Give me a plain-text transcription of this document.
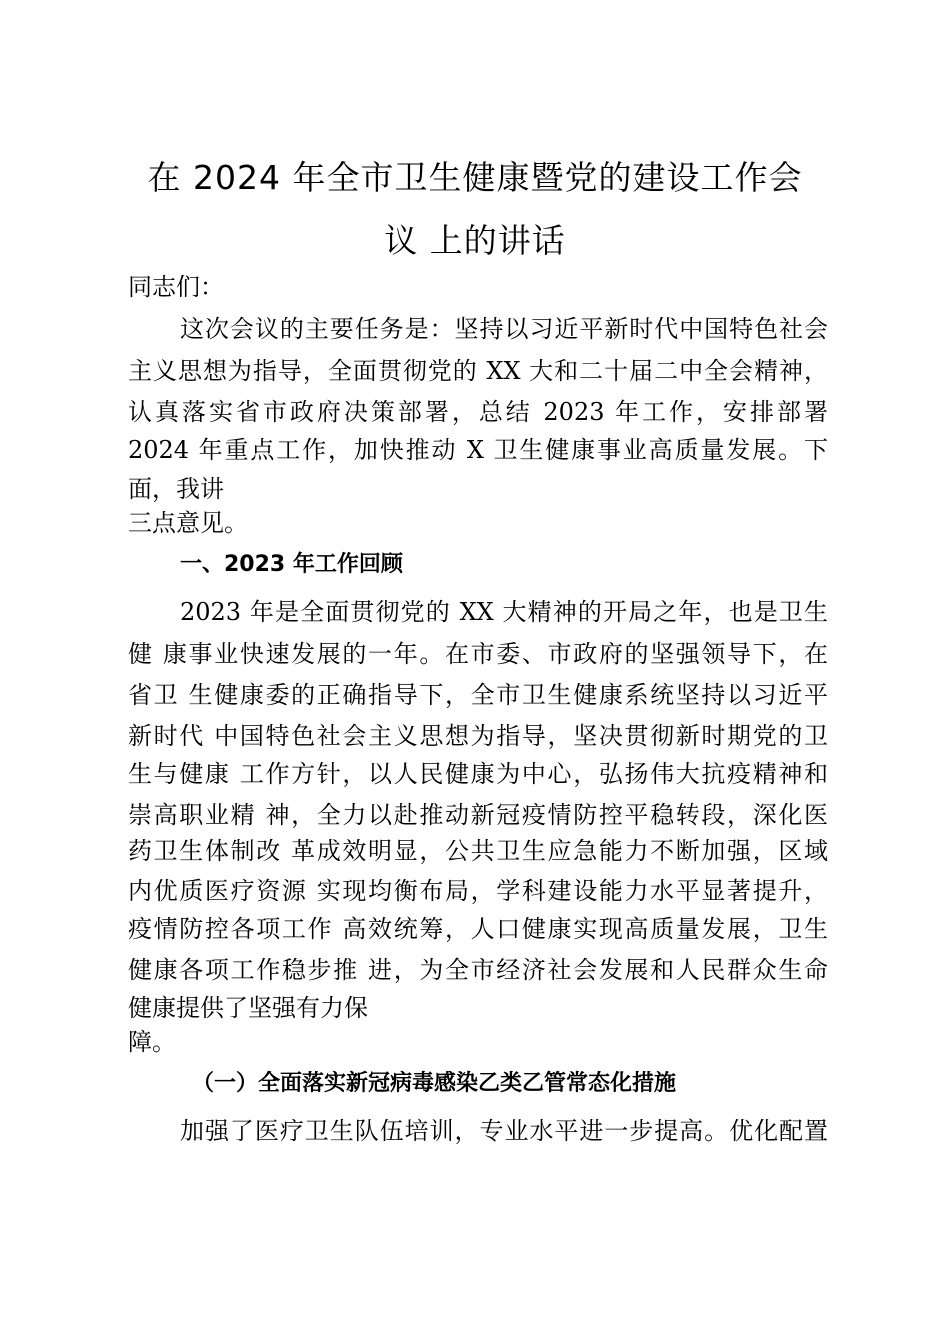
在 2024 年全市卫生健康暨党的建设工作会
议 上的讲话
同志们：
这次会议的主要任务是：坚持以习近平新时代中国特色社会
主义思想为指导，全面贯彻党的 XX 大和二十届二中全会精神，
认真落实省市政府决策部署，总结 2023 年工作，安排部署
2024 年重点工作，加快推动 X 卫生健康事业高质量发展。下
面，我讲
三点意见。
一、2023 年工作回顾
2023 年是全面贯彻党的 XX 大精神的开局之年，也是卫生
健 康事业快速发展的一年。在市委、市政府的坚强领导下，在
省卫 生健康委的正确指导下，全市卫生健康系统坚持以习近平
新时代 中国特色社会主义思想为指导，坚决贯彻新时期党的卫
生与健康 工作方针，以人民健康为中心，弘扬伟大抗疫精神和
崇高职业精 神，全力以赴推动新冠疫情防控平稳转段，深化医
药卫生体制改 革成效明显，公共卫生应急能力不断加强，区域
内优质医疗资源 实现均衡布局，学科建设能力水平显著提升，
疫情防控各项工作 高效统筹，人口健康实现高质量发展，卫生
健康各项工作稳步推 进，为全市经济社会发展和人民群众生命
健康提供了坚强有力保
障。
（一）全面落实新冠病毒感染乙类乙管常态化措施
加强了医疗卫生队伍培训，专业水平进一步提高。优化配置
